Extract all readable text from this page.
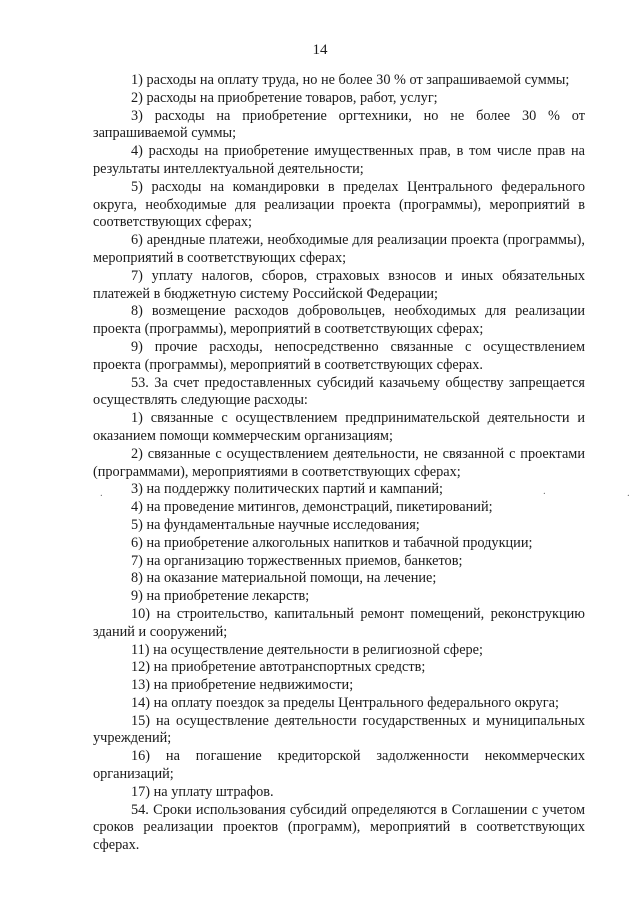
14
.	.	.

1) расходы на оплату труда, но не более 30 % от запрашиваемой суммы;

2) расходы на приобретение товаров, работ, услуг;

3) расходы на приобретение оргтехники, но не более 30 % от запрашиваемой суммы;

4) расходы на приобретение имущественных прав, в том числе прав на результаты интеллектуальной деятельности;

5) расходы на командировки в пределах Центрального федерального округа, необходимые для реализации проекта (программы), мероприятий в соответствующих сферах;

6) арендные платежи, необходимые для реализации проекта (программы), мероприятий в соответствующих сферах;

7) уплату налогов, сборов, страховых взносов и иных обязательных платежей в бюджетную систему Российской Федерации;

8) возмещение расходов добровольцев, необходимых для реализации проекта (программы), мероприятий в соответствующих сферах;

9) прочие расходы, непосредственно связанные с осуществлением проекта (программы), мероприятий в соответствующих сферах.

53. За счет предоставленных субсидий казачьему обществу запрещается осуществлять следующие расходы:

1) связанные с осуществлением предпринимательской деятельности и оказанием помощи коммерческим организациям;

2) связанные с осуществлением деятельности, не связанной с проектами (программами), мероприятиями в соответствующих сферах;

3) на поддержку политических партий и кампаний;

4) на проведение митингов, демонстраций, пикетирований;

5) на фундаментальные научные исследования;

6) на приобретение алкогольных напитков и табачной продукции;

7) на организацию торжественных приемов, банкетов;

8) на оказание материальной помощи, на лечение;

9) на приобретение лекарств;

10) на строительство, капитальный ремонт помещений, реконструкцию зданий и сооружений;

11) на осуществление деятельности в религиозной сфере;

12) на приобретение автотранспортных средств;

13) на приобретение недвижимости;

14) на оплату поездок за пределы Центрального федерального округа;

15) на осуществление деятельности государственных и муниципальных учреждений;

16) на погашение кредиторской задолженности некоммерческих организаций;

17) на уплату штрафов.

54. Сроки использования субсидий определяются в Соглашении с учетом сроков реализации проектов (программ), мероприятий в соответствующих сферах.
